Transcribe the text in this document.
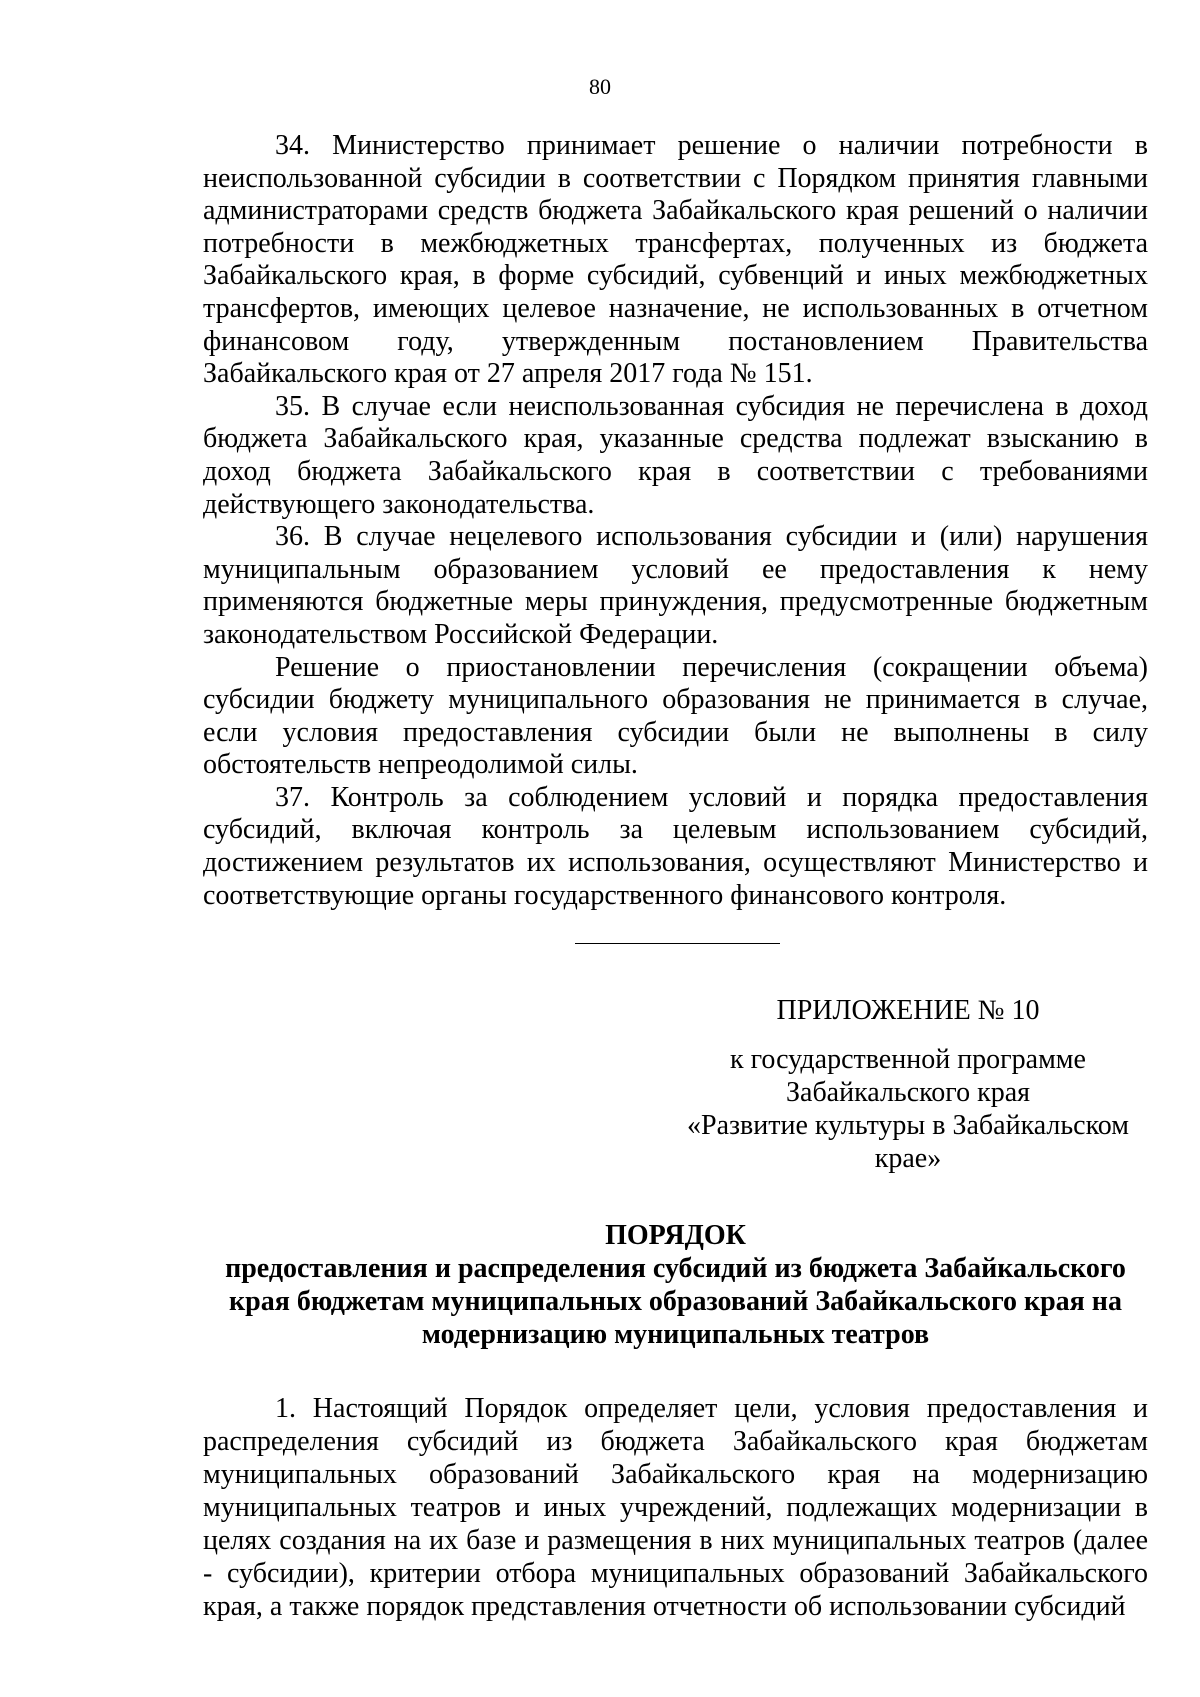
80

34. Министерство принимает решение о наличии потребности в неиспользованной субсидии в соответствии с Порядком принятия главными администраторами средств бюджета Забайкальского края решений о наличии потребности в межбюджетных трансфертах, полученных из бюджета Забайкальского края, в форме субсидий, субвенций и иных межбюджетных трансфертов, имеющих целевое назначение, не использованных в отчетном финансовом году, утвержденным постановлением Правительства Забайкальского края от 27 апреля 2017 года № 151.

35. В случае если неиспользованная субсидия не перечислена в доход бюджета Забайкальского края, указанные средства подлежат взысканию в доход бюджета Забайкальского края в соответствии с требованиями действующего законодательства.

36. В случае нецелевого использования субсидии и (или) нарушения муниципальным образованием условий ее предоставления к нему применяются бюджетные меры принуждения, предусмотренные бюджетным законодательством Российской Федерации.

Решение о приостановлении перечисления (сокращении объема) субсидии бюджету муниципального образования не принимается в случае, если условия предоставления субсидии были не выполнены в силу обстоятельств непреодолимой силы.

37. Контроль за соблюдением условий и порядка предоставления субсидий, включая контроль за целевым использованием субсидий, достижением результатов их использования, осуществляют Министерство и соответствующие органы государственного финансового контроля.

ПРИЛОЖЕНИЕ № 10
к государственной программе
Забайкальского края
«Развитие культуры в Забайкальском
крае»
ПОРЯДОК
предоставления и распределения субсидий из бюджета Забайкальского
края бюджетам муниципальных образований Забайкальского края на
модернизацию муниципальных театров

1. Настоящий Порядок определяет цели, условия предоставления и распределения субсидий из бюджета Забайкальского края бюджетам муниципальных образований Забайкальского края на модернизацию муниципальных театров и иных учреждений, подлежащих модернизации в целях создания на их базе и размещения в них муниципальных театров (далее - субсидии), критерии отбора муниципальных образований Забайкальского края, а также порядок представления отчетности об использовании субсидий
